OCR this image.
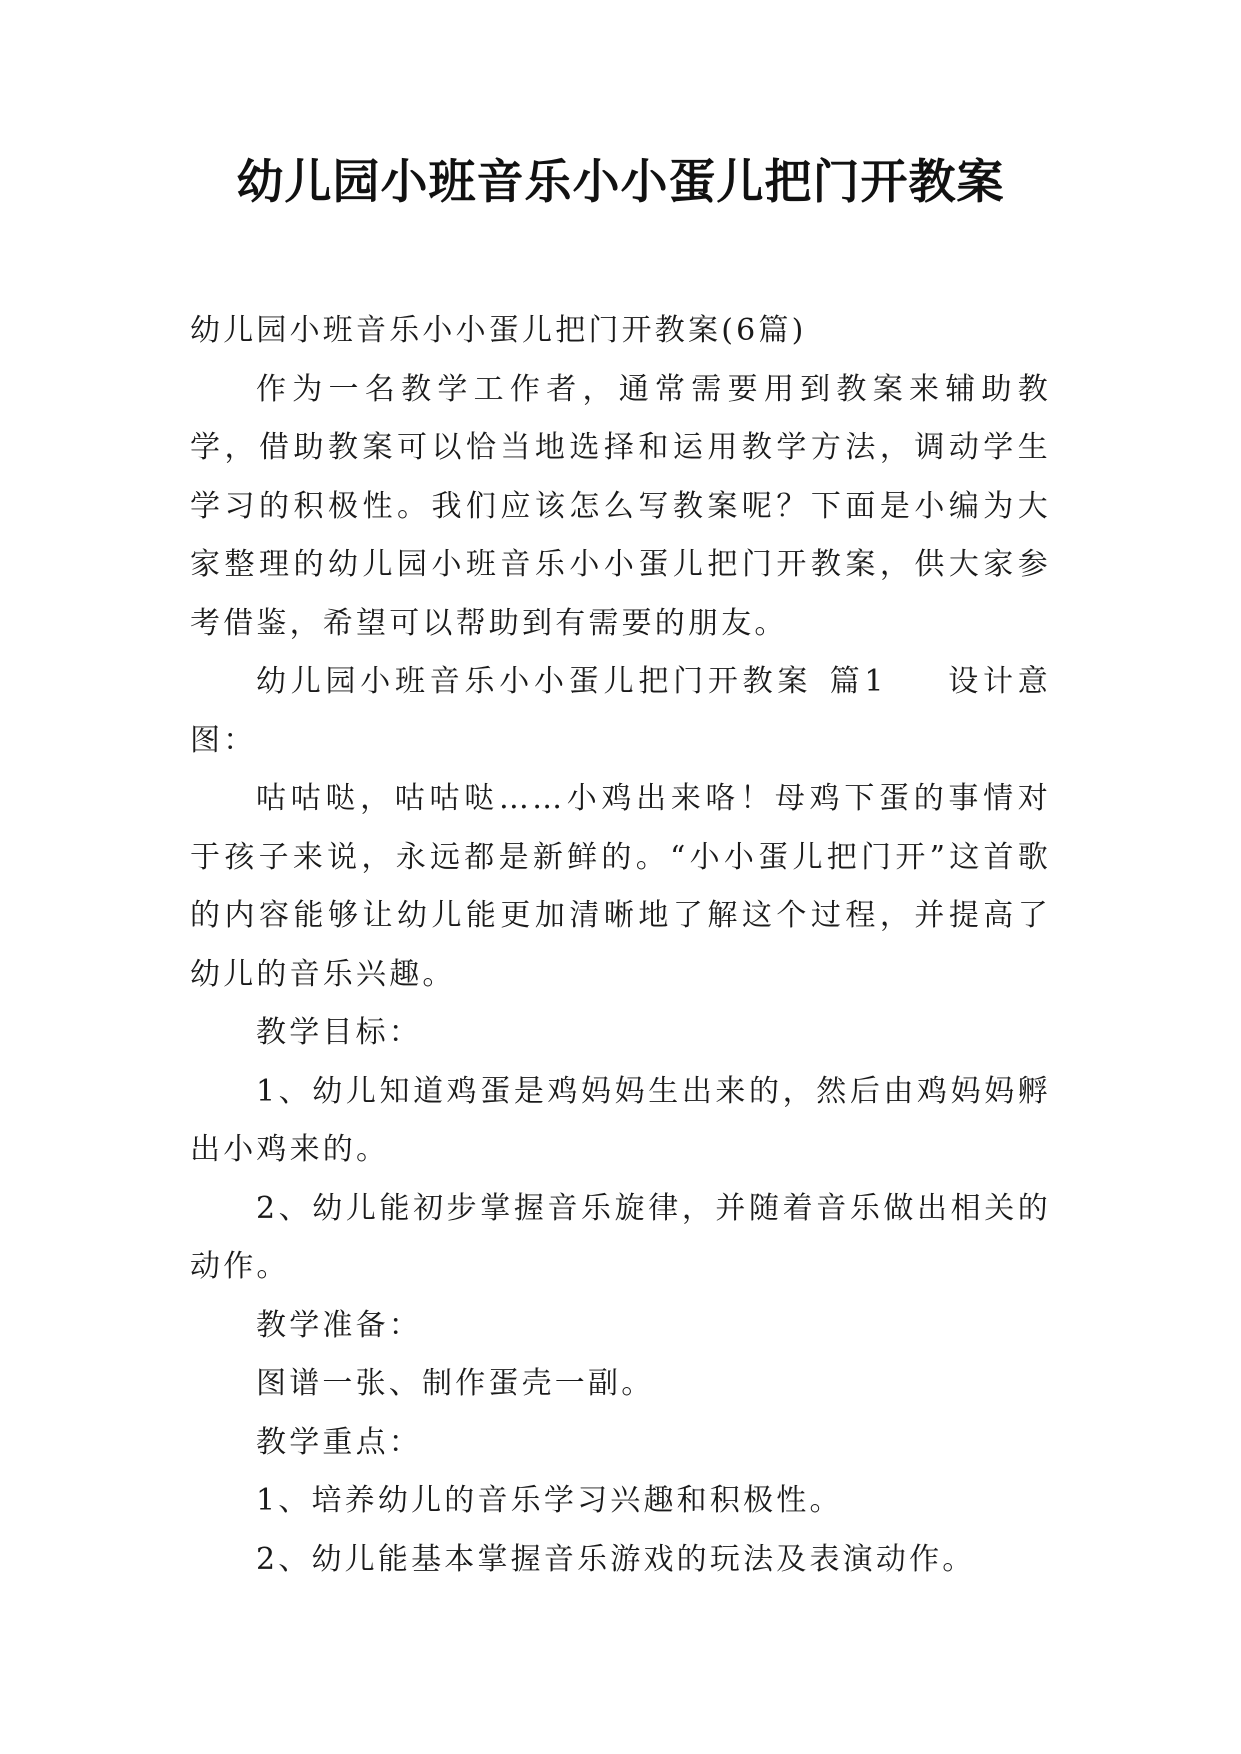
幼儿园小班音乐小小蛋儿把门开教案

幼儿园小班音乐小小蛋儿把门开教案(6篇)

作为一名教学工作者，通常需要用到教案来辅助教学，借助教案可以恰当地选择和运用教学方法，调动学生学习的积极性。我们应该怎么写教案呢？下面是小编为大家整理的幼儿园小班音乐小小蛋儿把门开教案，供大家参考借鉴，希望可以帮助到有需要的朋友。

幼儿园小班音乐小小蛋儿把门开教案 篇1 设计意图：

咕咕哒，咕咕哒……小鸡出来咯！母鸡下蛋的事情对于孩子来说，永远都是新鲜的。“小小蛋儿把门开”这首歌的内容能够让幼儿能更加清晰地了解这个过程，并提高了幼儿的音乐兴趣。

教学目标：

1、幼儿知道鸡蛋是鸡妈妈生出来的，然后由鸡妈妈孵出小鸡来的。

2、幼儿能初步掌握音乐旋律，并随着音乐做出相关的动作。

教学准备：

图谱一张、制作蛋壳一副。

教学重点：

1、培养幼儿的音乐学习兴趣和积极性。

2、幼儿能基本掌握音乐游戏的玩法及表演动作。
